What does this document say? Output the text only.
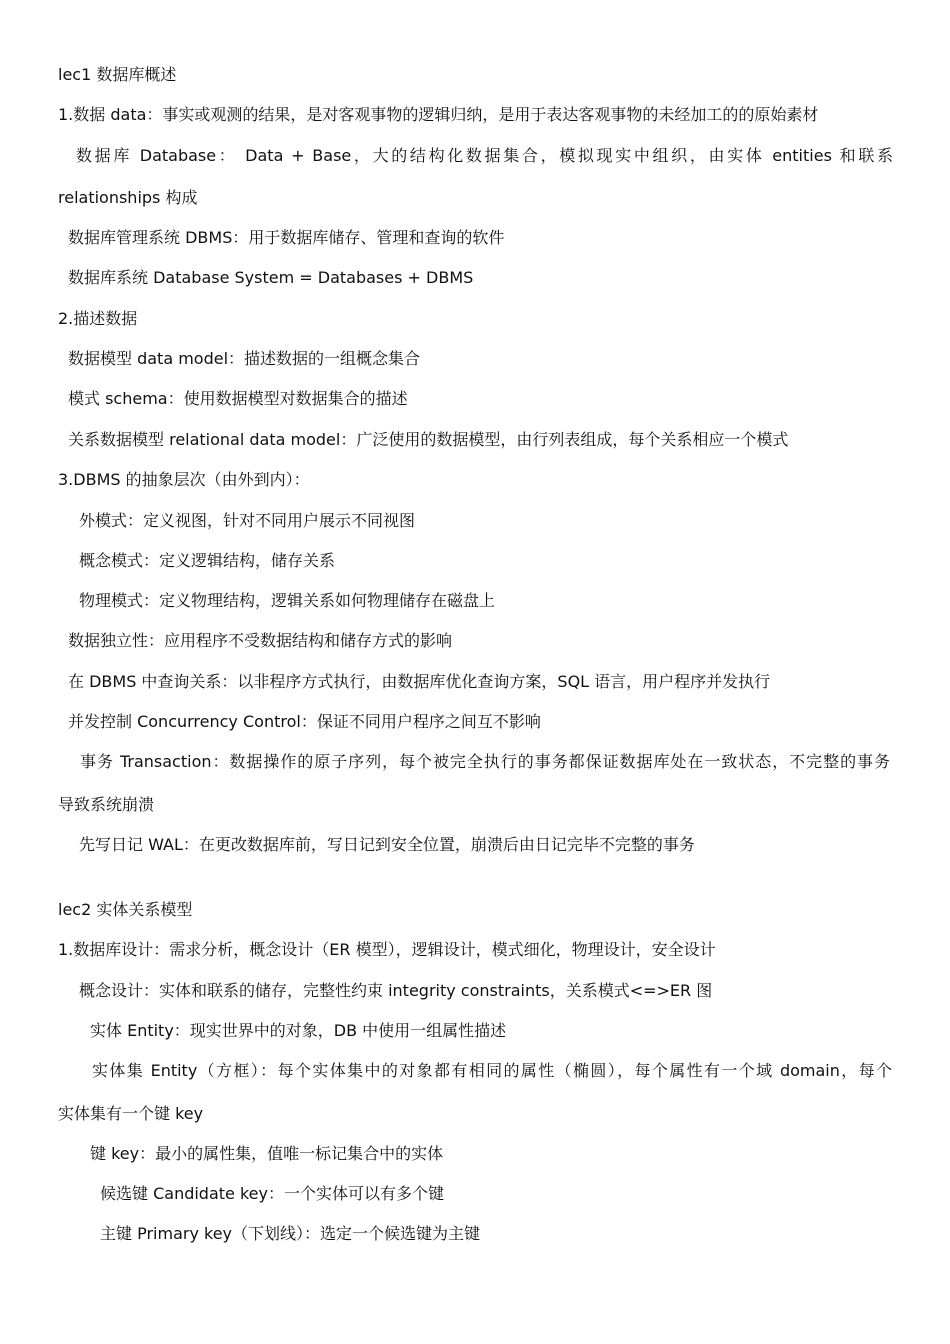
lec1 数据库概述
1.数据 data：事实或观测的结果，是对客观事物的逻辑归纳，是用于表达客观事物的未经加工的的原始素材
数据库 Database： Data + Base，大的结构化数据集合，模拟现实中组织，由实体 entities 和联系
relationships 构成
数据库管理系统 DBMS：用于数据库储存、管理和查询的软件
数据库系统 Database System = Databases + DBMS
2.描述数据
数据模型 data model：描述数据的一组概念集合
模式 schema：使用数据模型对数据集合的描述
关系数据模型 relational data model：广泛使用的数据模型，由行列表组成，每个关系相应一个模式
3.DBMS 的抽象层次（由外到内）：
外模式：定义视图，针对不同用户展示不同视图
概念模式：定义逻辑结构，储存关系
物理模式：定义物理结构，逻辑关系如何物理储存在磁盘上
数据独立性：应用程序不受数据结构和储存方式的影响
在 DBMS 中查询关系：以非程序方式执行，由数据库优化查询方案，SQL 语言，用户程序并发执行
并发控制 Concurrency Control：保证不同用户程序之间互不影响
事务 Transaction：数据操作的原子序列，每个被完全执行的事务都保证数据库处在一致状态，不完整的事务
导致系统崩溃
先写日记 WAL：在更改数据库前，写日记到安全位置，崩溃后由日记完毕不完整的事务
lec2 实体关系模型
1.数据库设计：需求分析，概念设计（ER 模型），逻辑设计，模式细化，物理设计，安全设计
概念设计：实体和联系的储存，完整性约束 integrity constraints，关系模式<=>ER 图
实体 Entity：现实世界中的对象，DB 中使用一组属性描述
实体集 Entity（方框）：每个实体集中的对象都有相同的属性（椭圆），每个属性有一个域 domain，每个
实体集有一个键 key
键 key：最小的属性集，值唯一标记集合中的实体
候选键 Candidate key：一个实体可以有多个键
主键 Primary key（下划线）：选定一个候选键为主键
